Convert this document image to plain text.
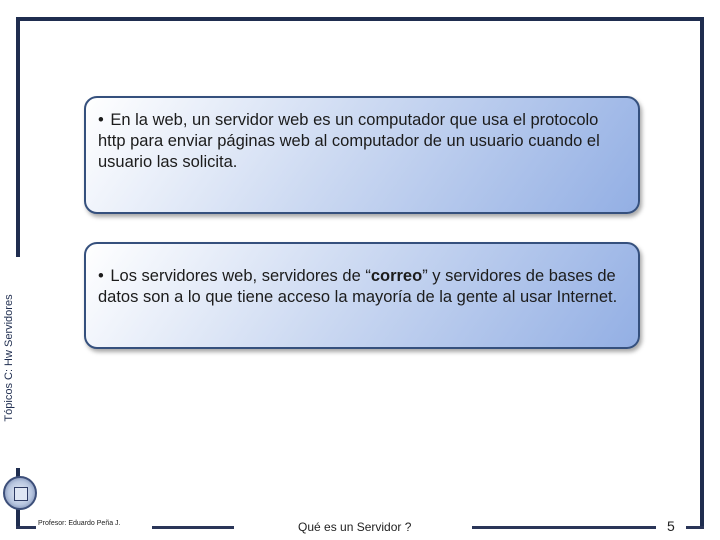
Tópicos C: Hw Servidores
• En la web, un servidor web es un computador que usa el protocolo http para enviar páginas web al computador de un usuario cuando el usuario las solicita.
• Los servidores web, servidores de “correo” y servidores de bases de datos son a lo que tiene acceso la mayoría de la gente al usar Internet.
Profesor: Eduardo Peña J.	Qué es un Servidor ?	5
